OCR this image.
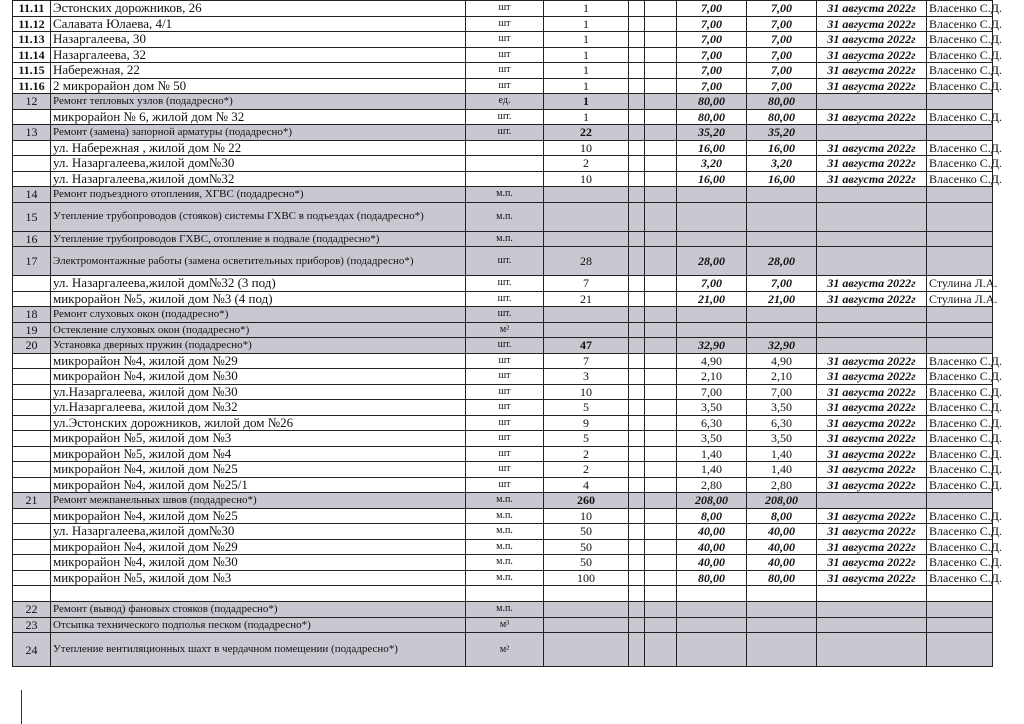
11.11	Эстонских дорожников, 26	шт	1			7,00	7,00	31 августа 2022г	Власенко С.Д.
11.12	Салавата Юлаева, 4/1	шт	1			7,00	7,00	31 августа 2022г	Власенко С.Д.
11.13	Назаргалеева, 30	шт	1			7,00	7,00	31 августа 2022г	Власенко С.Д.
11.14	Назаргалеева, 32	шт	1			7,00	7,00	31 августа 2022г	Власенко С.Д.
11.15	Набережная, 22	шт	1			7,00	7,00	31 августа 2022г	Власенко С.Д.
11.16	2 микрорайон дом № 50	шт	1			7,00	7,00	31 августа 2022г	Власенко С.Д.
12	Ремонт тепловых узлов (подадресно*)	ед.	1			80,00	80,00		
	микрорайон № 6, жилой дом № 32	шт.	1			80,00	80,00	31 августа 2022г	Власенко С.Д.
13	Ремонт (замена) запорной арматуры (подадресно*)	шт.	22			35,20	35,20		
	ул. Набережная , жилой дом № 22		10			16,00	16,00	31 августа 2022г	Власенко С.Д.
	ул. Назаргалеева,жилой дом№30		2			3,20	3,20	31 августа 2022г	Власенко С.Д.
	ул. Назаргалеева,жилой дом№32		10			16,00	16,00	31 августа 2022г	Власенко С.Д.
14	Ремонт подъездного отопления, ХГВС (подадресно*)	м.п.							
15	Утепление трубопроводов (стояков) системы ГХВС в подъездах (подадресно*)	м.п.							
16	Утепление трубопроводов ГХВС, отопление в подвале (подадресно*)	м.п.							
17	Электромонтажные работы (замена осветительных приборов) (подадресно*)	шт.	28			28,00	28,00		
	ул. Назаргалеева,жилой дом№32 (3 под)	шт.	7			7,00	7,00	31 августа 2022г	Стулина Л.А.
	микрорайон №5, жилой дом №3 (4 под)	шт.	21			21,00	21,00	31 августа 2022г	Стулина Л.А.
18	Ремонт слуховых окон (подадресно*)	шт.							
19	Остекление слуховых окон (подадресно*)	м²							
20	Установка дверных пружин (подадресно*)	шт.	47			32,90	32,90		
	микрорайон №4, жилой дом №29	шт	7			4,90	4,90	31 августа 2022г	Власенко С.Д.
	микрорайон №4, жилой дом №30	шт	3			2,10	2,10	31 августа 2022г	Власенко С.Д.
	ул.Назаргалеева, жилой дом №30	шт	10			7,00	7,00	31 августа 2022г	Власенко С.Д.
	ул.Назаргалеева, жилой дом №32	шт	5			3,50	3,50	31 августа 2022г	Власенко С.Д.
	ул.Эстонских дорожников, жилой дом №26	шт	9			6,30	6,30	31 августа 2022г	Власенко С.Д.
	микрорайон №5, жилой дом №3	шт	5			3,50	3,50	31 августа 2022г	Власенко С.Д.
	микрорайон №5, жилой дом №4	шт	2			1,40	1,40	31 августа 2022г	Власенко С.Д.
	микрорайон №4, жилой дом №25	шт	2			1,40	1,40	31 августа 2022г	Власенко С.Д.
	микрорайон №4, жилой дом №25/1	шт	4			2,80	2,80	31 августа 2022г	Власенко С.Д.
21	Ремонт межпанельных швов (подадресно*)	м.п.	260			208,00	208,00		
	микрорайон №4, жилой дом №25	м.п.	10			8,00	8,00	31 августа 2022г	Власенко С.Д.
	ул. Назаргалеева,жилой дом№30	м.п.	50			40,00	40,00	31 августа 2022г	Власенко С.Д.
	микрорайон №4, жилой дом №29	м.п.	50			40,00	40,00	31 августа 2022г	Власенко С.Д.
	микрорайон №4, жилой дом №30	м.п.	50			40,00	40,00	31 августа 2022г	Власенко С.Д.
	микрорайон №5, жилой дом №3	м.п.	100			80,00	80,00	31 августа 2022г	Власенко С.Д.

22	Ремонт (вывод) фановых стояков (подадресно*)	м.п.							
23	Отсыпка технического подполья песком (подадресно*)	м³							
24	Утепление вентиляционных шахт в чердачном помещении (подадресно*)	м²							
